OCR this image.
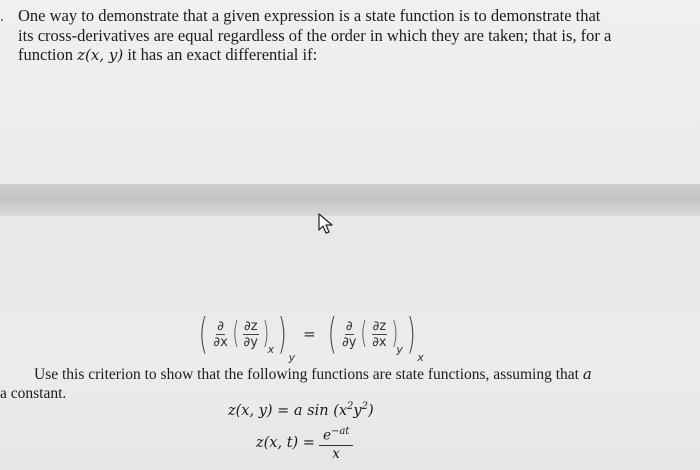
. One way to demonstrate that a given expression is a state function is to demonstrate that
its cross-derivatives are equal regardless of the order in which they are taken; that is, for a
function z(x, y) it has an exact differential if:
( $\frac{\partial}{\partial x}$ ( $\frac{\partial z}{\partial y}$ )
x ) y
= ( $\frac{\partial}{\partial y}$ ( $\frac{\partial z}{\partial x}$ )
y ) x
Use this criterion to show that the following functions are state functions, assuming that a
a constant.
z(x, y) = a $\sin (x^2y^2)$
z(x, $t) = \frac{e^{-at}}{x}$
